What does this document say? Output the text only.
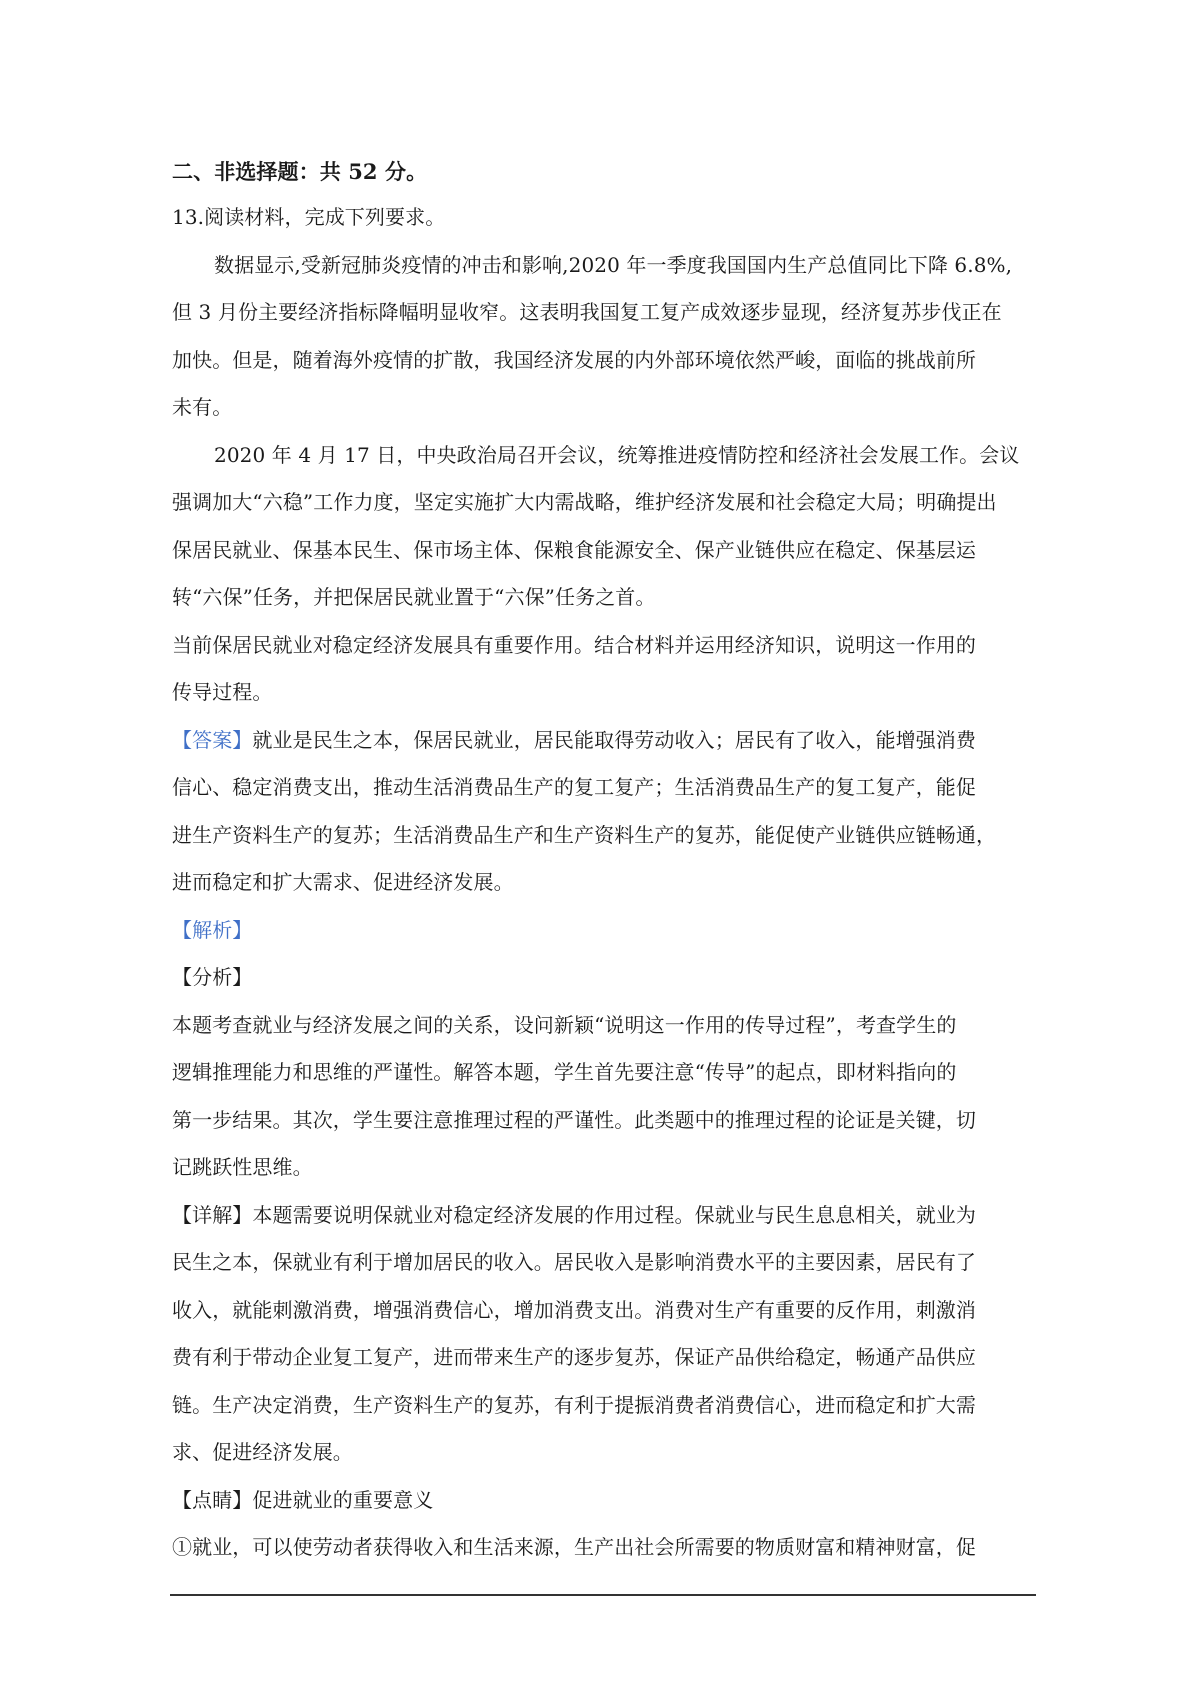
二、非选择题：共 52 分。
13.阅读材料，完成下列要求。
数据显示,受新冠肺炎疫情的冲击和影响,2020 年一季度我国国内生产总值同比下降 6.8%,
但 3 月份主要经济指标降幅明显收窄。这表明我国复工复产成效逐步显现，经济复苏步伐正在
加快。但是，随着海外疫情的扩散，我国经济发展的内外部环境依然严峻，面临的挑战前所
未有。
2020 年 4 月 17 日，中央政治局召开会议，统筹推进疫情防控和经济社会发展工作。会议
强调加大“六稳”工作力度，坚定实施扩大内需战略，维护经济发展和社会稳定大局；明确提出
保居民就业、保基本民生、保市场主体、保粮食能源安全、保产业链供应在稳定、保基层运
转“六保”任务，并把保居民就业置于“六保”任务之首。
当前保居民就业对稳定经济发展具有重要作用。结合材料并运用经济知识，说明这一作用的
传导过程。
【答案】就业是民生之本，保居民就业，居民能取得劳动收入；居民有了收入，能增强消费
信心、稳定消费支出，推动生活消费品生产的复工复产；生活消费品生产的复工复产，能促
进生产资料生产的复苏；生活消费品生产和生产资料生产的复苏，能促使产业链供应链畅通，
进而稳定和扩大需求、促进经济发展。
【解析】
【分析】
本题考查就业与经济发展之间的关系，设问新颖“说明这一作用的传导过程”，考查学生的
逻辑推理能力和思维的严谨性。解答本题，学生首先要注意“传导”的起点，即材料指向的
第一步结果。其次，学生要注意推理过程的严谨性。此类题中的推理过程的论证是关键，切
记跳跃性思维。
【详解】本题需要说明保就业对稳定经济发展的作用过程。保就业与民生息息相关，就业为
民生之本，保就业有利于增加居民的收入。居民收入是影响消费水平的主要因素，居民有了
收入，就能刺激消费，增强消费信心，增加消费支出。消费对生产有重要的反作用，刺激消
费有利于带动企业复工复产，进而带来生产的逐步复苏，保证产品供给稳定，畅通产品供应
链。生产决定消费，生产资料生产的复苏，有利于提振消费者消费信心，进而稳定和扩大需
求、促进经济发展。
【点睛】促进就业的重要意义
①就业，可以使劳动者获得收入和生活来源，生产出社会所需要的物质财富和精神财富，促
